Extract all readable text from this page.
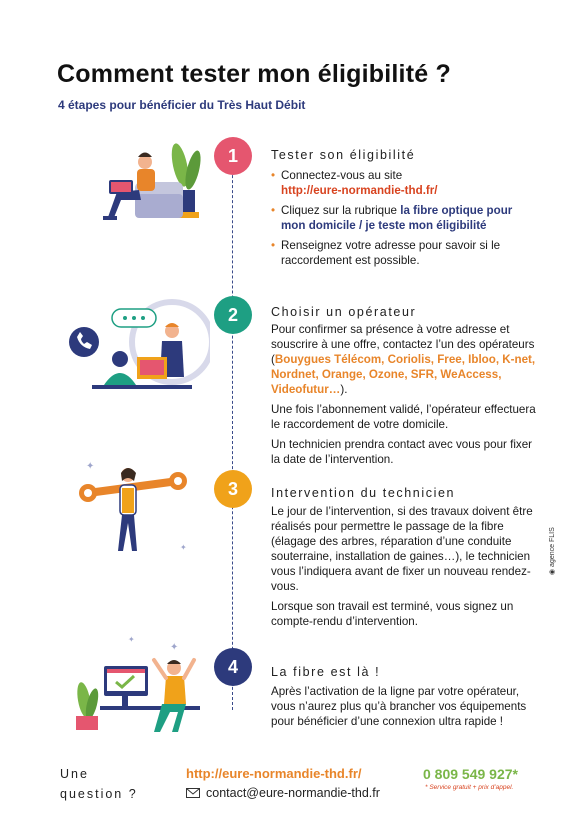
Comment tester mon éligibilité ?
4 étapes pour bénéficier du Très Haut Débit
1	Tester son éligibilité
• Connectez-vous au site
http://eure-normandie-thd.fr/
• Cliquez sur la rubrique la fibre optique pour mon domicile / je teste mon éligibilité
• Renseignez votre adresse pour savoir si le raccordement est possible.
2	Choisir un opérateur

Pour confirmer sa présence à votre adresse et souscrire à une offre, contactez l’un des opérateurs (Bouygues Télécom, Coriolis, Free, Ibloo, K-net, Nordnet, Orange, Ozone, SFR, WeAccess, Videofutur…).

Une fois l’abonnement validé, l’opérateur effectuera le raccordement de votre domicile.

Un technicien prendra contact avec vous pour fixer la date de l’intervention.

3	Intervention du technicien

Le jour de l’intervention, si des travaux doivent être réalisés pour permettre le passage de la fibre (élagage des arbres, réparation d’une conduite souterraine, installation de gaines…), le technicien vous l’indiquera avant de fixer un nouveau rendez-vous.

Lorsque son travail est terminé, vous signez un compte-rendu d’intervention.

4	La fibre est là !

Après l’activation de la ligne par votre opérateur, vous n’aurez plus qu’à brancher vos équipements pour bénéficier d’une connexion ultra rapide !

✦
✦
✦
✦
Une question ?
http://eure-normandie-thd.fr/
contact@eure-normandie-thd.fr
0 809 549 927*
* Service gratuit + prix d’appel.
◉ agence FLIS
